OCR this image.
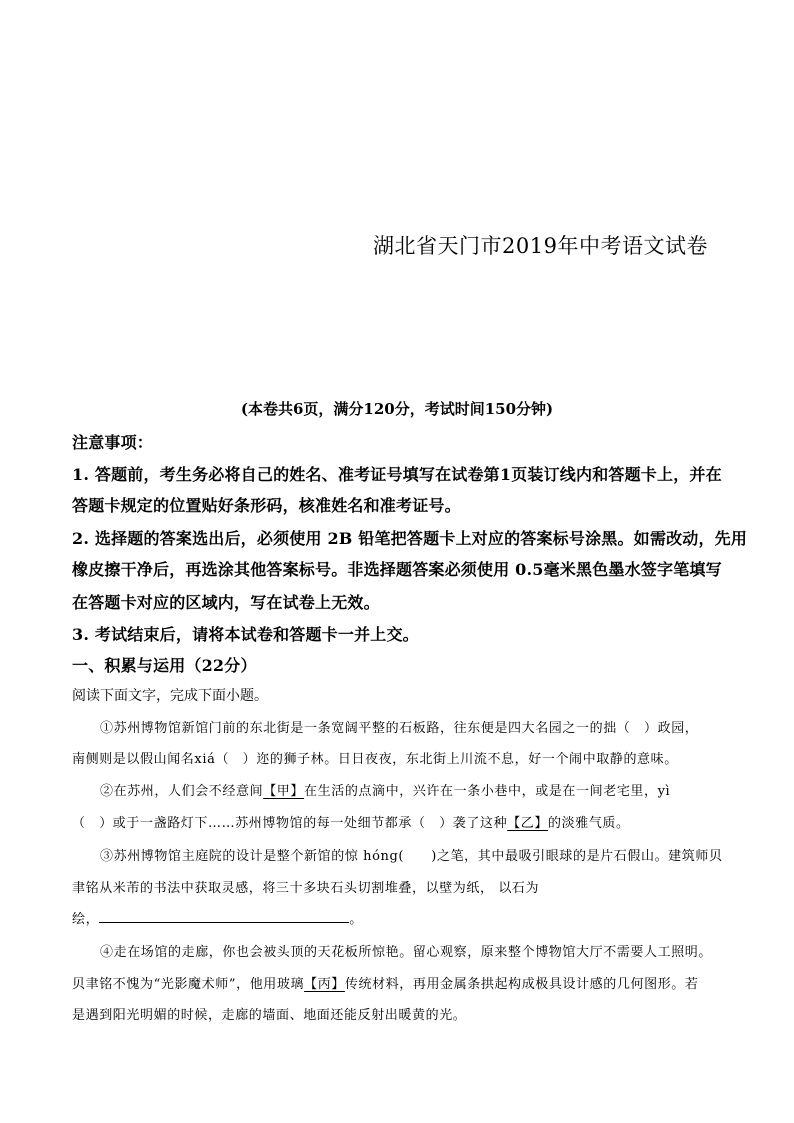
湖北省天门市2019年中考语文试卷
(本卷共6页，满分120分，考试时间150分钟)
注意事项：
1. 答题前，考生务必将自己的姓名、准考证号填写在试卷第1页装订线内和答题卡上，并在
答题卡规定的位置贴好条形码，核准姓名和准考证号。
2. 选择题的答案选出后，必须使用 2B 铅笔把答题卡上对应的答案标号涂黑。如需改动，先用
橡皮擦干净后，再选涂其他答案标号。非选择题答案必须使用 0.5毫米黑色墨水签字笔填写
在答题卡对应的区域内，写在试卷上无效。
3. 考试结束后，请将本试卷和答题卡一并上交。
一、积累与运用（22分）
阅读下面文字，完成下面小题。
①苏州博物馆新馆门前的东北街是一条宽阔平整的石板路，往东便是四大名园之一的拙（　）政园，
南侧则是以假山闻名xiá（　）迩的狮子林。日日夜夜，东北街上川流不息，好一个闹中取静的意味。
②在苏州，人们会不经意间【甲】在生活的点滴中，兴许在一条小巷中，或是在一间老宅里，yì
（　）或于一盏路灯下……苏州博物馆的每一处细节都承（　）袭了这种【乙】的淡雅气质。
③苏州博物馆主庭院的设计是整个新馆的惊 hóng(　　)之笔，其中最吸引眼球的是片石假山。建筑师贝
聿铭从米芾的书法中获取灵感，将三十多块石头切割堆叠，以壁为纸， 以石为
绘，	。
④走在场馆的走廊，你也会被头顶的天花板所惊艳。留心观察，原来整个博物馆大厅不需要人工照明。
贝聿铭不愧为“光影魔术师”，他用玻璃【丙】传统材料，再用金属条拱起构成极具设计感的几何图形。若
是遇到阳光明媚的时候，走廊的墙面、地面还能反射出暖黄的光。
